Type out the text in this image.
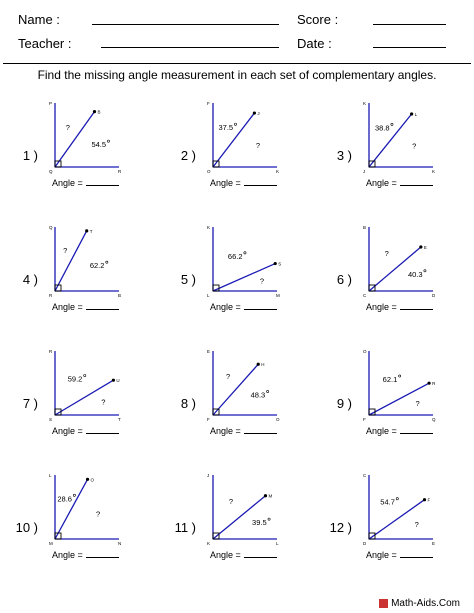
Name :	Score :
Teacher :	Date :
Find the missing angle measurement in each set of complementary angles.
1 )
P
B
Q	R
54.5
?
Angle =
2 )
F
J
O	K
37.5
?
Angle =
3 )
K
L
J	K
38.8
?
Angle =
4 )
Q
T
R	B
62.2
?
Angle =
5 )
K
S
L	M
66.2
?
Angle =
6 )
B
E
C	D
40.3
?
Angle =
7 )
R
U
S	T
59.2
?
Angle =
8 )
E
H
F	O
48.3
?
Angle =
9 )
O
R
F	Q
62.1
?
Angle =
10 )
L
O
M	N
28.6
?
Angle =
11 )
J
M
K	L
39.5
?
Angle =
12 )
C
F
D	E
54.7
?
Angle =
Math-Aids.Com
